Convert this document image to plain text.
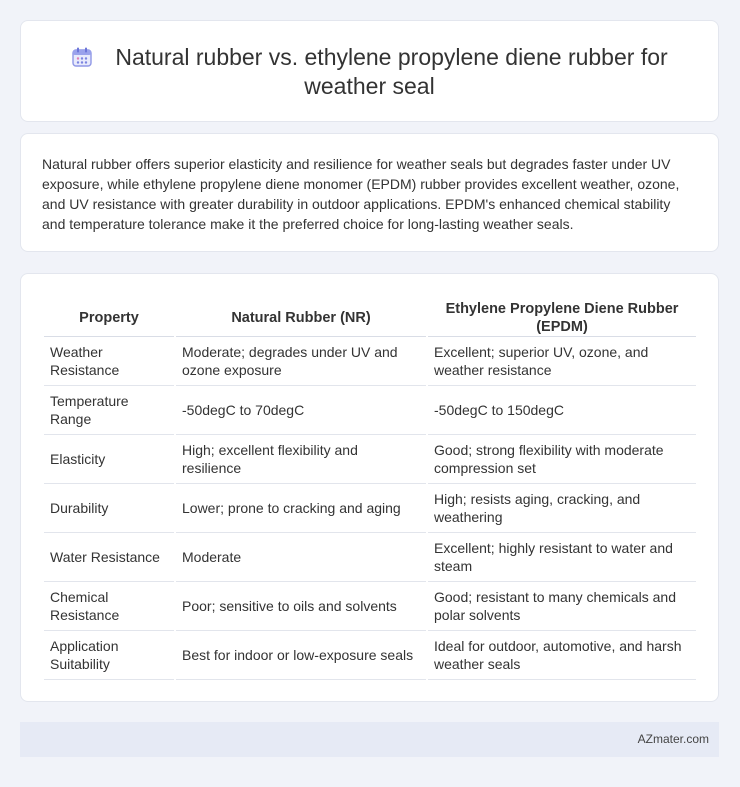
Natural rubber vs. ethylene propylene diene rubber for weather seal

Natural rubber offers superior elasticity and resilience for weather seals but degrades faster under UV exposure, while ethylene propylene diene monomer (EPDM) rubber provides excellent weather, ozone, and UV resistance with greater durability in outdoor applications. EPDM's enhanced chemical stability and temperature tolerance make it the preferred choice for long-lasting weather seals.

Property	Natural Rubber (NR)	Ethylene Propylene Diene Rubber (EPDM)
Weather Resistance	Moderate; degrades under UV and ozone exposure	Excellent; superior UV, ozone, and weather resistance
Temperature Range	-50degC to 70degC	-50degC to 150degC
Elasticity	High; excellent flexibility and resilience	Good; strong flexibility with moderate compression set
Durability	Lower; prone to cracking and aging	High; resists aging, cracking, and weathering
Water Resistance	Moderate	Excellent; highly resistant to water and steam
Chemical Resistance	Poor; sensitive to oils and solvents	Good; resistant to many chemicals and polar solvents
Application Suitability	Best for indoor or low-exposure seals	Ideal for outdoor, automotive, and harsh weather seals
AZmater.com
